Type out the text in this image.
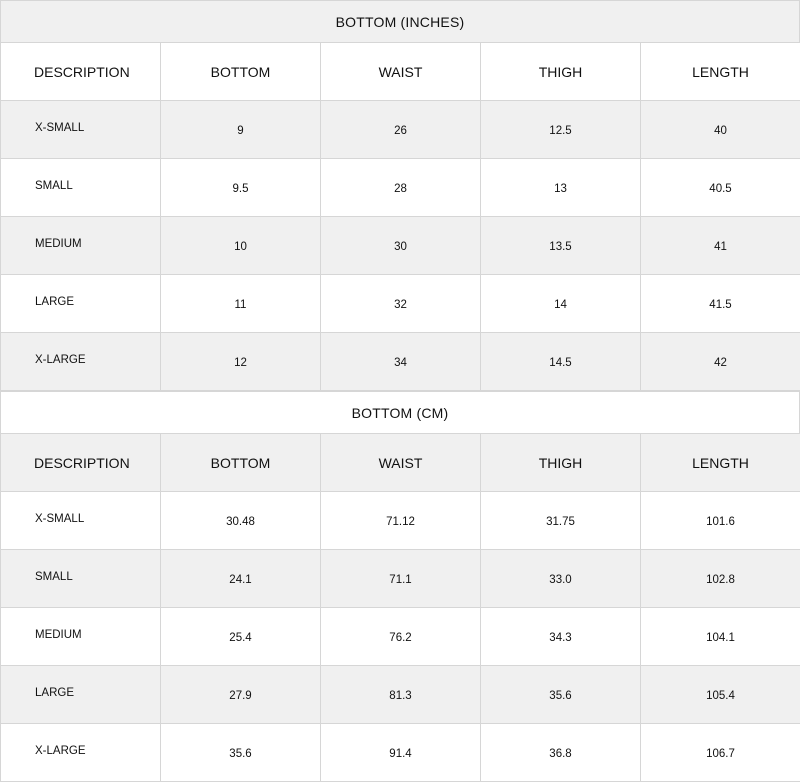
BOTTOM (INCHES)
DESCRIPTION	BOTTOM	WAIST	THIGH	LENGTH

X-SMALL	9	26	12.5	40

SMALL	9.5	28	13	40.5

MEDIUM	10	30	13.5	41

LARGE	11	32	14	41.5

X-LARGE	12	34	14.5	42
BOTTOM (CM)
DESCRIPTION	BOTTOM	WAIST	THIGH	LENGTH

X-SMALL	30.48	71.12	31.75	101.6

SMALL	24.1	71.1	33.0	102.8

MEDIUM	25.4	76.2	34.3	104.1

LARGE	27.9	81.3	35.6	105.4

X-LARGE	35.6	91.4	36.8	106.7
